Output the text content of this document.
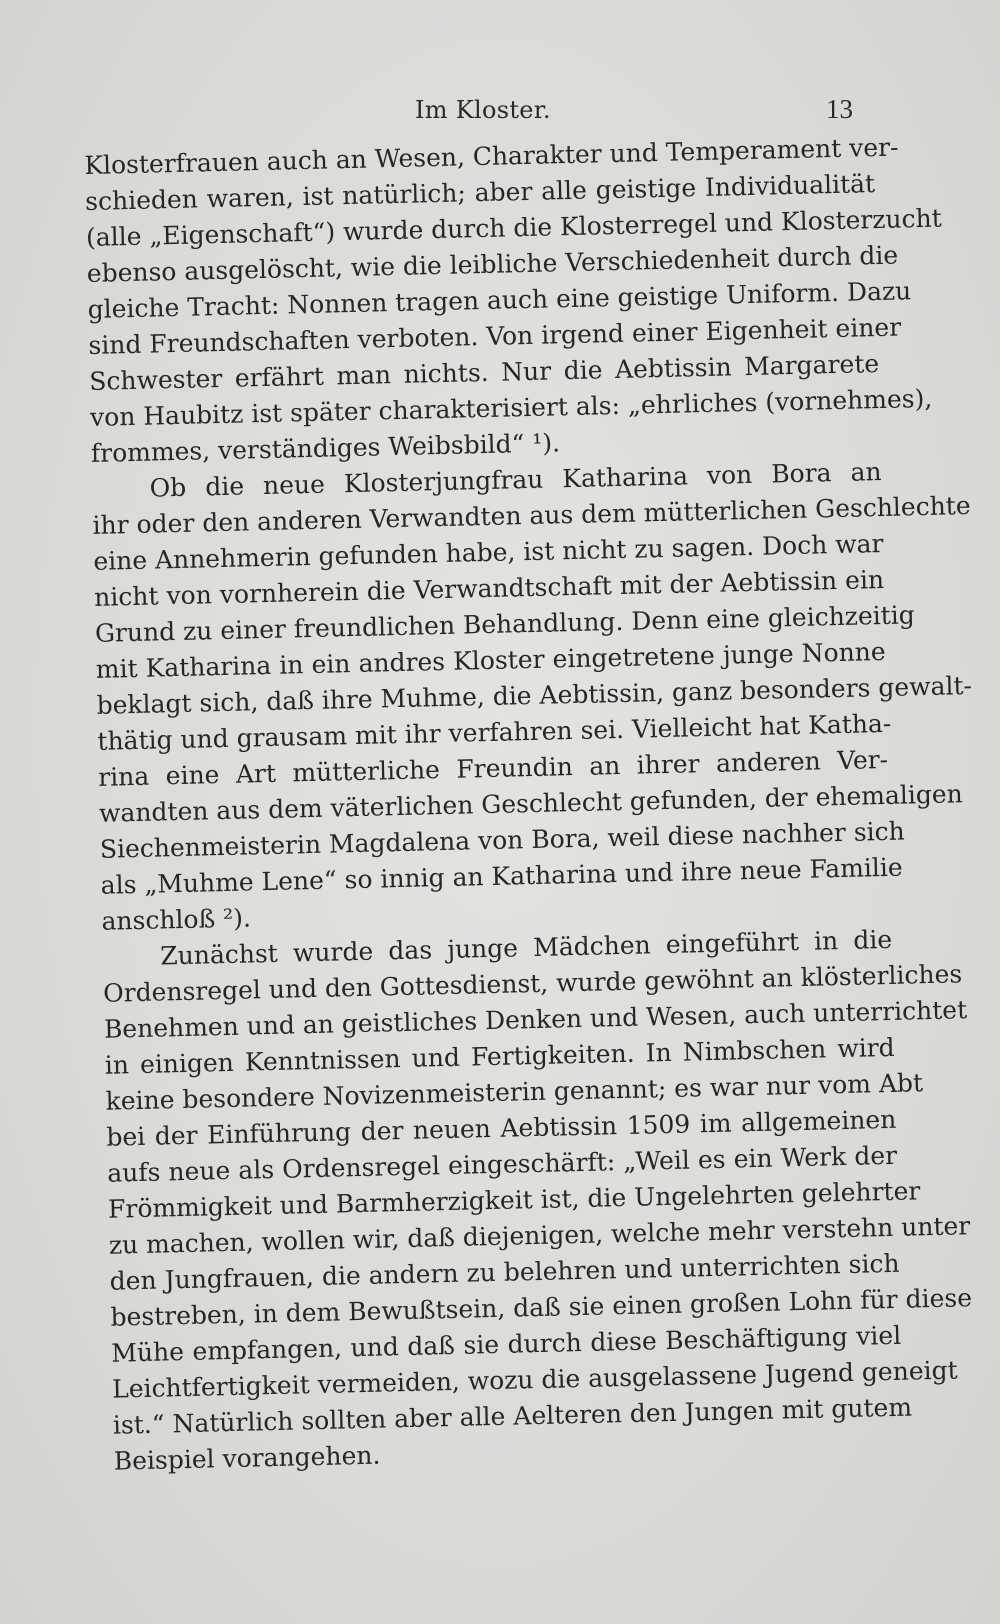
Im Kloster.	13
Klosterfrauen auch an Wesen, Charakter und Temperament ver-
schieden waren, ist natürlich; aber alle geistige Individualität
(alle „Eigenschaft“) wurde durch die Klosterregel und Klosterzucht
ebenso ausgelöscht, wie die leibliche Verschiedenheit durch die
gleiche Tracht: Nonnen tragen auch eine geistige Uniform. Dazu
sind Freundschaften verboten. Von irgend einer Eigenheit einer
Schwester erfährt man nichts. Nur die Aebtissin Margarete
von Haubitz ist später charakterisiert als: „ehrliches (vornehmes),
frommes, verständiges Weibsbild“ ¹).
Ob die neue Klosterjungfrau Katharina von Bora an
ihr oder den anderen Verwandten aus dem mütterlichen Geschlechte
eine Annehmerin gefunden habe, ist nicht zu sagen. Doch war
nicht von vornherein die Verwandtschaft mit der Aebtissin ein
Grund zu einer freundlichen Behandlung. Denn eine gleichzeitig
mit Katharina in ein andres Kloster eingetretene junge Nonne
beklagt sich, daß ihre Muhme, die Aebtissin, ganz besonders gewalt-
thätig und grausam mit ihr verfahren sei. Vielleicht hat Katha-
rina eine Art mütterliche Freundin an ihrer anderen Ver-
wandten aus dem väterlichen Geschlecht gefunden, der ehemaligen
Siechenmeisterin Magdalena von Bora, weil diese nachher sich
als „Muhme Lene“ so innig an Katharina und ihre neue Familie
anschloß ²).
Zunächst wurde das junge Mädchen eingeführt in die
Ordensregel und den Gottesdienst, wurde gewöhnt an klösterliches
Benehmen und an geistliches Denken und Wesen, auch unterrichtet
in einigen Kenntnissen und Fertigkeiten. In Nimbschen wird
keine besondere Novizenmeisterin genannt; es war nur vom Abt
bei der Einführung der neuen Aebtissin 1509 im allgemeinen
aufs neue als Ordensregel eingeschärft: „Weil es ein Werk der
Frömmigkeit und Barmherzigkeit ist, die Ungelehrten gelehrter
zu machen, wollen wir, daß diejenigen, welche mehr verstehn unter
den Jungfrauen, die andern zu belehren und unterrichten sich
bestreben, in dem Bewußtsein, daß sie einen großen Lohn für diese
Mühe empfangen, und daß sie durch diese Beschäftigung viel
Leichtfertigkeit vermeiden, wozu die ausgelassene Jugend geneigt
ist.“ Natürlich sollten aber alle Aelteren den Jungen mit gutem
Beispiel vorangehen.
